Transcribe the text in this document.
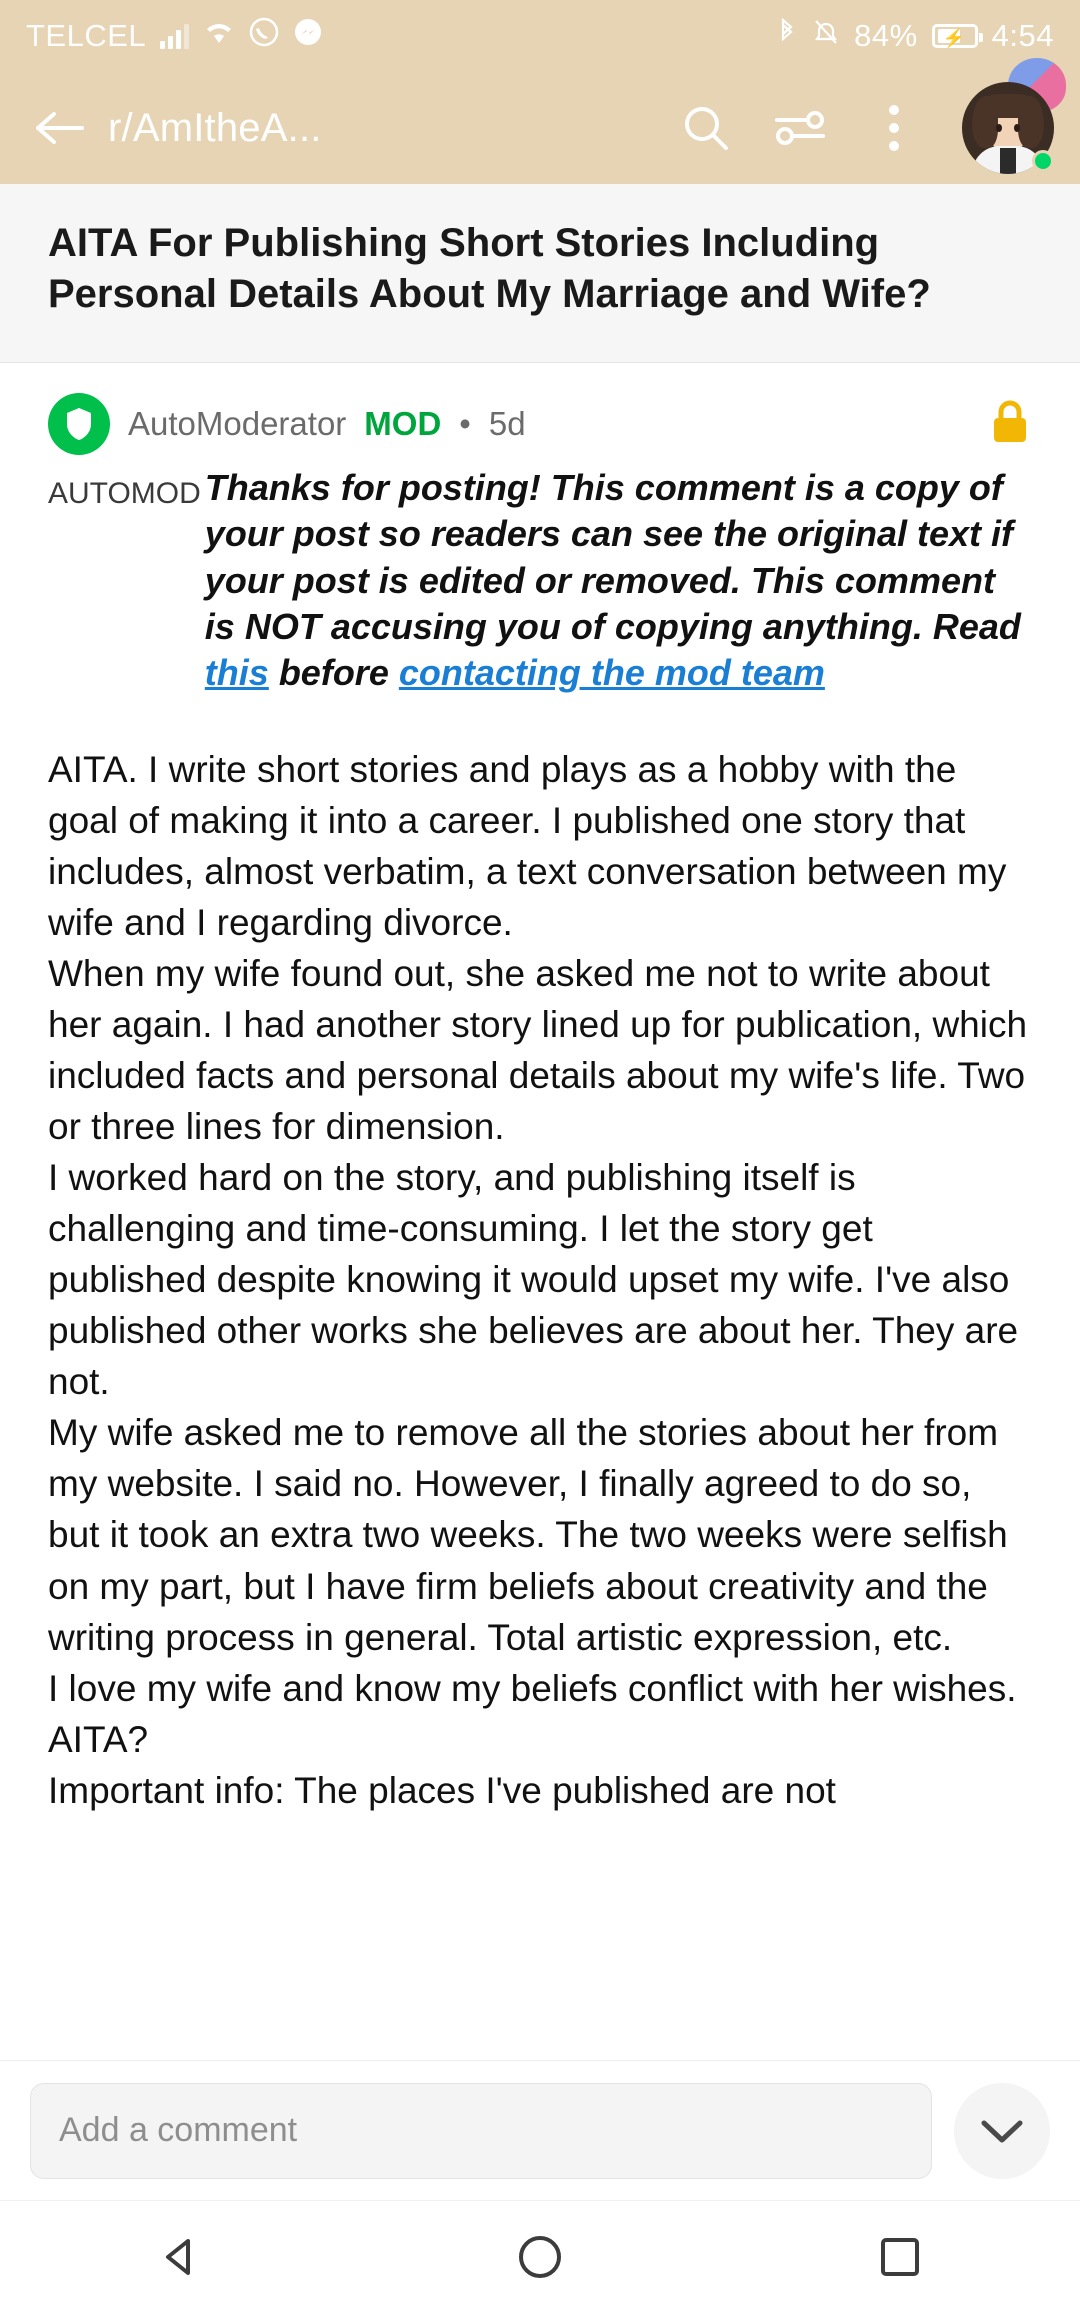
TELCEL	84% ⚡ 4:54
r/AmItheA...
AITA For Publishing Short Stories Including Personal Details About My Marriage and Wife?
AutoModerator MOD • 5d
AUTOMOD Thanks for posting! This comment is a copy of your post so readers can see the original text if your post is edited or removed. This comment is NOT accusing you of copying anything. Read this before contacting the mod team

AITA. I write short stories and plays as a hobby with the goal of making it into a career. I published one story that includes, almost verbatim, a text conversation between my wife and I regarding divorce.

When my wife found out, she asked me not to write about her again. I had another story lined up for publication, which included facts and personal details about my wife's life. Two or three lines for dimension.

I worked hard on the story, and publishing itself is challenging and time-consuming. I let the story get published despite knowing it would upset my wife. I've also published other works she believes are about her. They are not.

My wife asked me to remove all the stories about her from my website. I said no. However, I finally agreed to do so, but it took an extra two weeks. The two weeks were selfish on my part, but I have firm beliefs about creativity and the writing process in general. Total artistic expression, etc.

I love my wife and know my beliefs conflict with her wishes. AITA?

Important info: The places I've published are not

Add a comment
